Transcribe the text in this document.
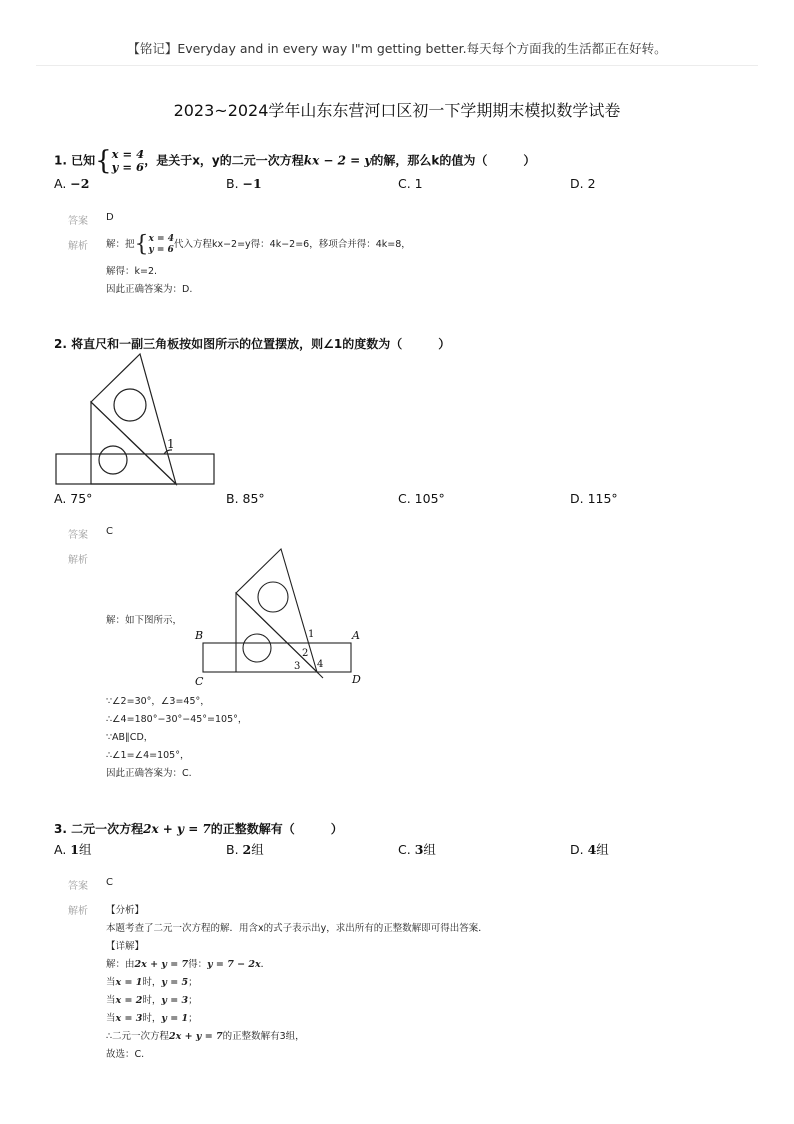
【铭记】Everyday and in every way I"m getting better.每天每个方面我的生活都正在好转。
2023~2024学年山东东营河口区初一下学期期末模拟数学试卷
1. 已知{x = 4
y = 6，是关于x，y的二元一次方程kx − 2 = y的解，那么k的值为（　　　）
A. −2	B. −1	C. 1	D. 2
答案 D
解析 解：把{x = 4
y = 6代入方程kx−2=y得：4k−2=6，移项合并得：4k=8，
解得：k=2.
因此正确答案为：D.
2. 将直尺和一副三角板按如图所示的位置摆放，则∠1的度数为（　　　）
1
A. 75°	B. 85°	C. 105°	D. 115°
答案 C
解析
解：如下图所示，
B	A
C	D
1
2
3 4
∵∠2=30°，∠3=45°，
∴∠4=180°−30°−45°=105°，
∵AB∥CD，
∴∠1=∠4=105°，
因此正确答案为：C.
3. 二元一次方程2x + y = 7的正整数解有（　　　）
A. 1组	B. 2组	C. 3组	D. 4组
答案 C
解析 【分析】
本题考查了二元一次方程的解．用含x的式子表示出y，求出所有的正整数解即可得出答案．
【详解】
解：由2x + y = 7得：y = 7 − 2x．
当x = 1时，y = 5；
当x = 2时，y = 3；
当x = 3时，y = 1；
∴二元一次方程2x + y = 7的正整数解有3组，
故选：C.
